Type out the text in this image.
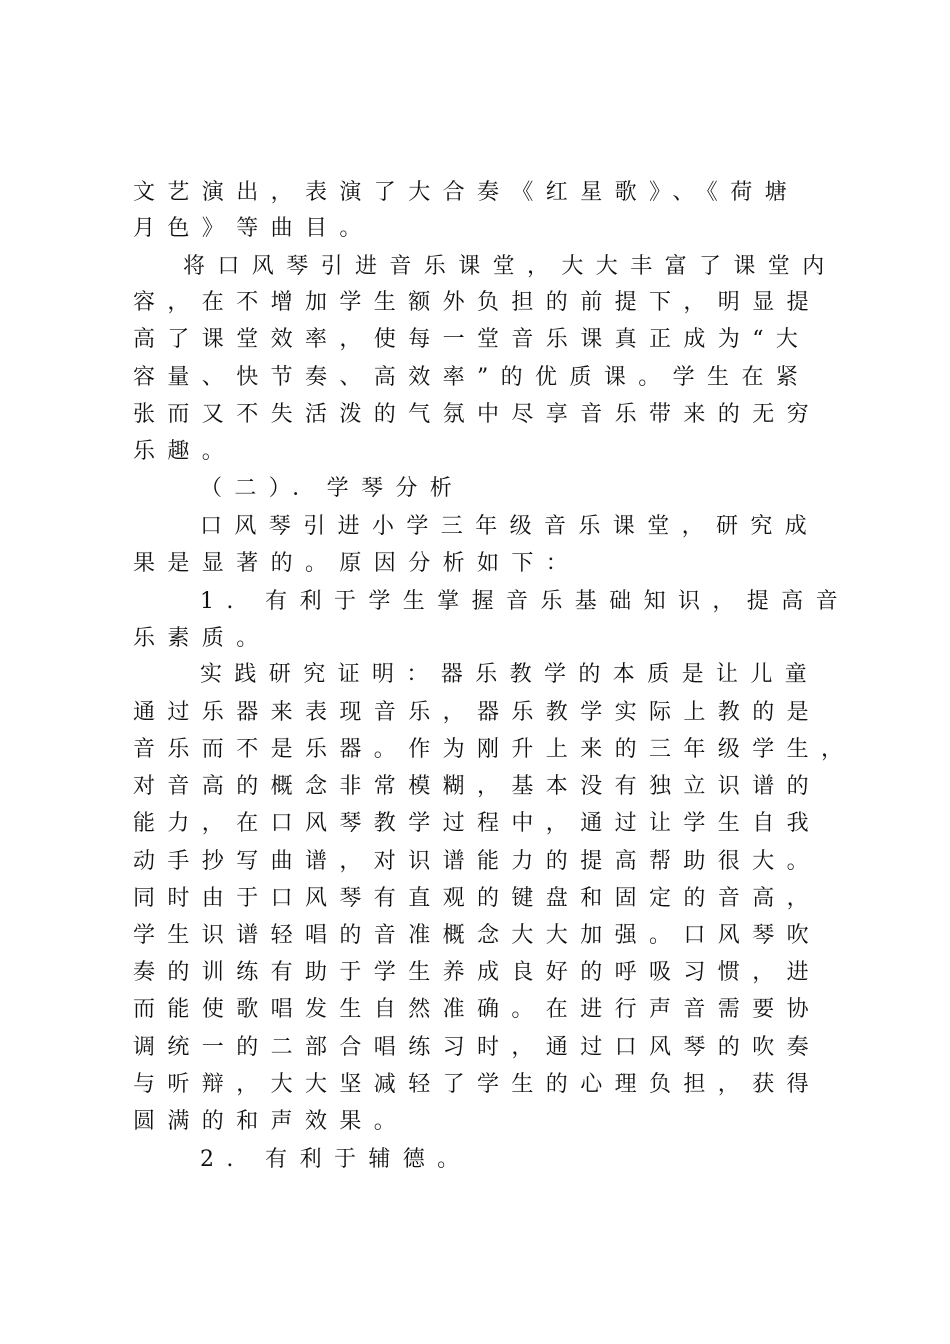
文艺演出，表演了大合奏《红星歌》、《荷塘
月色》等曲目。
将口风琴引进音乐课堂，大大丰富了课堂内
容，在不增加学生额外负担的前提下，明显提
高了课堂效率，使每一堂音乐课真正成为“大
容量、快节奏、高效率”的优质课。学生在紧
张而又不失活泼的气氛中尽享音乐带来的无穷
乐趣。
（二）．学琴分析
口风琴引进小学三年级音乐课堂，研究成
果是显著的。原因分析如下：
1. 有利于学生掌握音乐基础知识，提高音
乐素质。
实践研究证明：器乐教学的本质是让儿童
通过乐器来表现音乐，器乐教学实际上教的是
音乐而不是乐器。作为刚升上来的三年级学生，
对音高的概念非常模糊，基本没有独立识谱的
能力，在口风琴教学过程中，通过让学生自我
动手抄写曲谱，对识谱能力的提高帮助很大。
同时由于口风琴有直观的键盘和固定的音高，
学生识谱轻唱的音准概念大大加强。口风琴吹
奏的训练有助于学生养成良好的呼吸习惯，进
而能使歌唱发生自然准确。在进行声音需要协
调统一的二部合唱练习时，通过口风琴的吹奏
与听辩，大大坚减轻了学生的心理负担，获得
圆满的和声效果。
2. 有利于辅德。
